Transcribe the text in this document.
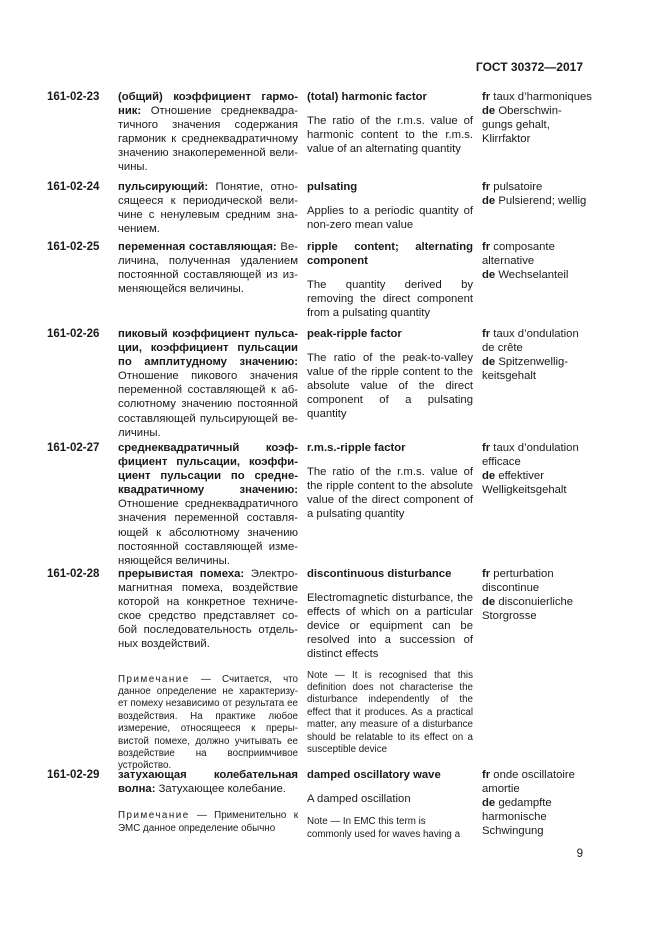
ГОСТ 30372—2017
161-02-23 (общий) коэффициент гармо-ник: Отношение среднеквадра-тичного значения содержания гармоник к среднеквадратичному значению знакопеременной вели-чины.
(total) harmonic factor
The ratio of the r.m.s. value of harmonic content to the r.m.s. value of an alternating quantity
fr taux d’harmoniques
de Oberschwin-gungs gehalt, Klirrfaktor
161-02-24 пульсирующий: Понятие, отно-сящееся к периодической вели-чине с ненулевым средним зна-чением.
pulsating
Applies to a periodic quantity of non-zero mean value
fr pulsatoire
de Pulsierend; wellig
161-02-25 переменная составляющая: Ве-личина, полученная удалением постоянной составляющей из из-меняющейся величины.
ripple content; alternating component
The quantity derived by removing the direct component from a pulsating quantity
fr composante alternative
de Wechselanteil
161-02-26 пиковый коэффициент пульса-ции, коэффициент пульсации по амплитудному значению: Отношение пикового значения переменной составляющей к аб-солютному значению постоянной составляющей пульсирующей ве-личины.
peak-ripple factor
The ratio of the peak-to-valley value of the ripple content to the absolute value of the direct component of a pulsating quantity
fr taux d’ondulation de crête
de Spitzenwellig-keitsgehalt
161-02-27 среднеквадратичный коэф-фициент пульсации, коэффи-циент пульсации по средне-квадратичному значению: Отношение среднеквадратичного значения переменной составля-ющей к абсолютному значению постоянной составляющей изме-няющейся величины.
r.m.s.-ripple factor
The ratio of the r.m.s. value of the ripple content to the absolute value of the direct component of a pulsating quantity
fr taux d’ondulation efficace
de effektiver Welligkeitsgehalt
161-02-28 прерывистая помеха: Электро-магнитная помеха, воздействие которой на конкретное техниче-ское средство представляет со-бой последовательность отдель-ных воздействий.
Примечание — Считается, что данное определение не характеризу-ет помеху независимо от результата ее воздействия. На практике любое измерение, относящееся к преры-вистой помехе, должно учитывать ее воздействие на восприимчивое устройство.
discontinuous disturbance
Electromagnetic disturbance, the effects of which on a particular device or equipment can be resolved into a succession of distinct effects
Note — It is recognised that this definition does not characterise the disturbance independently of the effect that it produces. As a practical matter, any measure of a disturbance should be relatable to its effect on a susceptible device
fr perturbation discontinue
de disconuierliche Storgrosse
161-02-29 затухающая колебательная волна: Затухающее колебание.
Примечание — Применительно к ЭМС данное определение обычно
damped oscillatory wave
A damped oscillation
Note — In EMC this term is commonly used for waves having a
fr onde oscillatoire amortie
de gedampfte harmonische Schwingung
9
